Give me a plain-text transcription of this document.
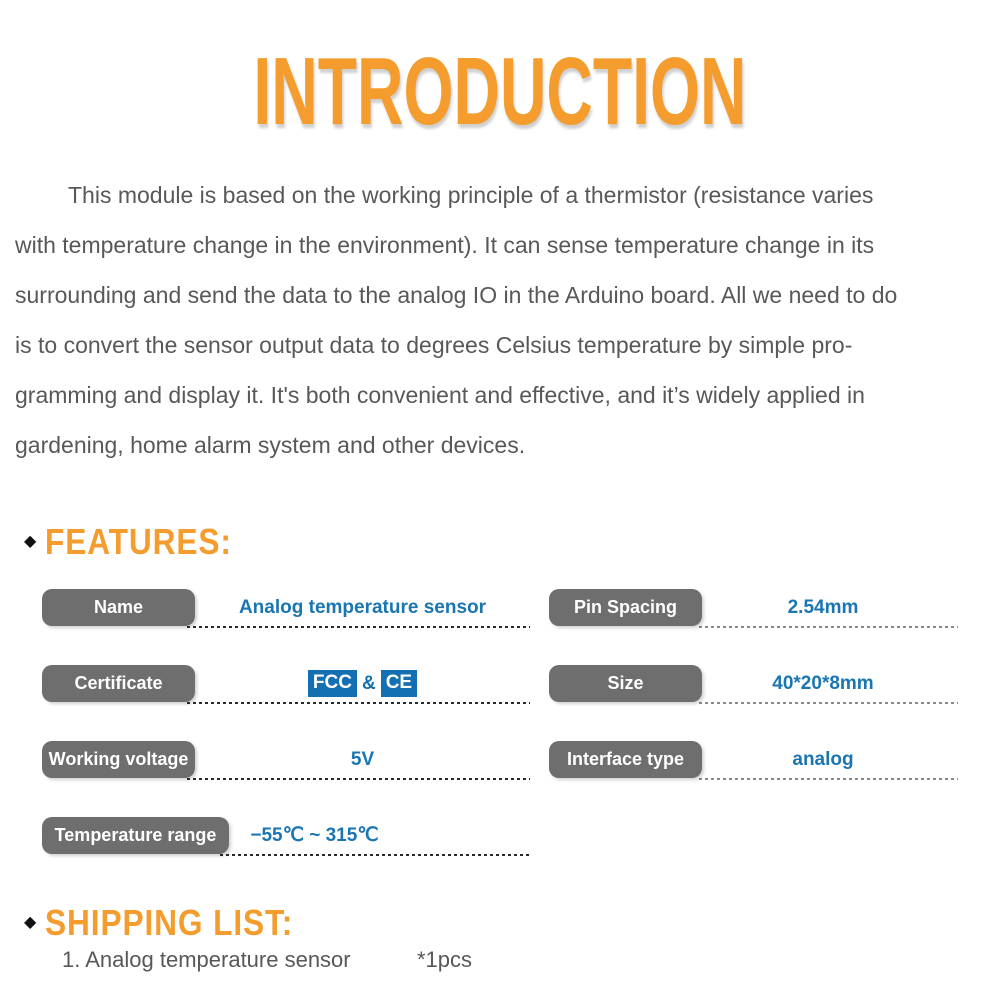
INTRODUCTION
This module is based on the working principle of a thermistor (resistance varies
with temperature change in the environment). It can sense temperature change in its
surrounding and send the data to the analog IO in the Arduino board. All we need to do
is to convert the sensor output data to degrees Celsius temperature by simple pro-
gramming and display it. It's both convenient and effective, and it’s widely applied in
gardening, home alarm system and other devices.
◆ FEATURES:
Name	Analog temperature sensor
Certificate	FCC & CE
Working voltage	5V
Temperature range	−55℃ ~ 315℃
Pin Spacing	2.54mm
Size	40*20*8mm
Interface type	analog
◆ SHIPPING LIST:
1. Analog temperature sensor	*1pcs
